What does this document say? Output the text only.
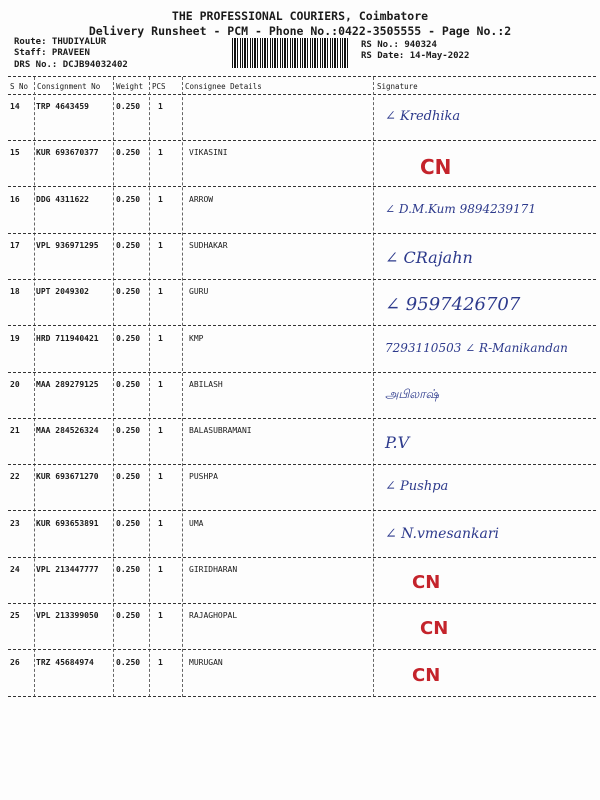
THE PROFESSIONAL COURIERS, Coimbatore
Delivery Runsheet - PCM - Phone No.:0422-3505555 - Page No.:2
Route: THUDIYALUR
Staff: PRAVEEN
DRS No.: DCJB94032402
RS No.: 940324
RS Date: 14-May-2022
S No Consignment No Weight PCS	Consignee Details	Signature
14 TRP 4643459	0.250 1
∠ Kredhika
15 KUR 693670377 0.250 1	VIKASINI
CN
16 DDG 4311622	0.250 1	ARROW
∠ D.M.Kum 9894239171
17 VPL 936971295 0.250 1	SUDHAKAR
∠ CRajahn
18 UPT 2049302	0.250 1	GURU
∠ 9597426707
19 HRD 711940421 0.250 1	KMP
7293110503 ∠ R-Manikandan
20 MAA 289279125 0.250 1	ABILASH
அபிலாஷ்
21 MAA 284526324 0.250 1	BALASUBRAMANI
P.V
22 KUR 693671270 0.250 1	PUSHPA
∠ Pushpa
23 KUR 693653891 0.250 1	UMA
∠ N.vmesankari
24 VPL 213447777 0.250 1	GIRIDHARAN
CN
25 VPL 213399050 0.250 1	RAJAGHOPAL
CN
26 TRZ 45684974	0.250 1	MURUGAN
CN
